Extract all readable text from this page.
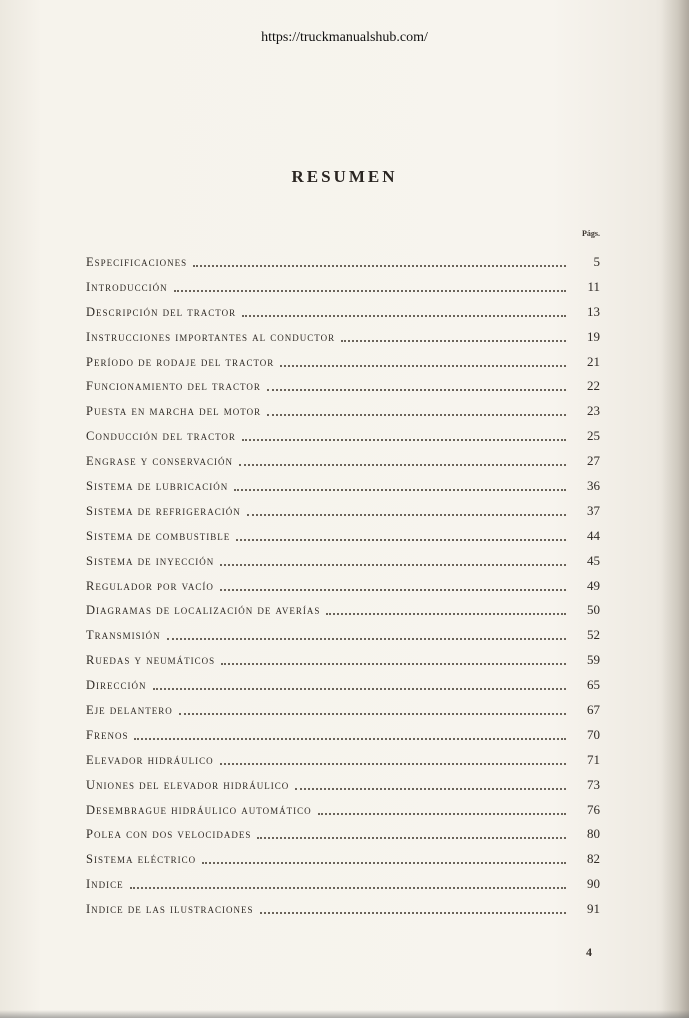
https://truckmanualshub.com/
RESUMEN
Págs.
Especificaciones	5
Introducción	11
Descripción del tractor	13
Instrucciones importantes al conductor	19
Período de rodaje del tractor	21
Funcionamiento del tractor	22
Puesta en marcha del motor	23
Conducción del tractor	25
Engrase y conservación	27
Sistema de lubricación	36
Sistema de refrigeración	37
Sistema de combustible	44
Sistema de inyección	45
Regulador por vacío	49
Diagramas de localización de averías	50
Transmisión	52
Ruedas y neumáticos	59
Dirección	65
Eje delantero	67
Frenos	70
Elevador hidráulico	71
Uniones del elevador hidráulico	73
Desembrague hidráulico automático	76
Polea con dos velocidades	80
Sistema eléctrico	82
Indice	90
Indice de las ilustraciones	91
4
